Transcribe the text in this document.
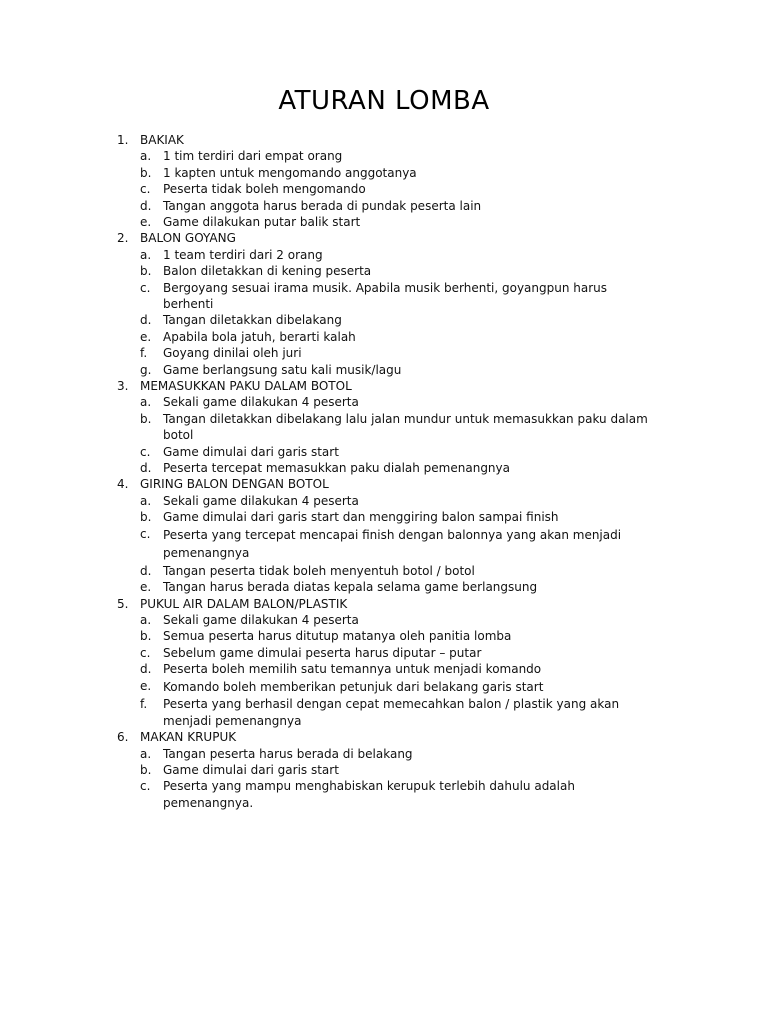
ATURAN LOMBA
1. BAKIAK
a. 1 tim terdiri dari empat orang
b. 1 kapten untuk mengomando anggotanya
c. Peserta tidak boleh mengomando
d. Tangan anggota harus berada di pundak peserta lain
e. Game dilakukan putar balik start
2. BALON GOYANG
a. 1 team terdiri dari 2 orang
b. Balon diletakkan di kening peserta
c. Bergoyang sesuai irama musik. Apabila musik berhenti, goyangpun harus berhenti
d. Tangan diletakkan dibelakang
e. Apabila bola jatuh, berarti kalah
f. Goyang dinilai oleh juri
g. Game berlangsung satu kali musik/lagu
3. MEMASUKKAN PAKU DALAM BOTOL
a. Sekali game dilakukan 4 peserta
b. Tangan diletakkan dibelakang lalu jalan mundur untuk memasukkan paku dalam botol
c. Game dimulai dari garis start
d. Peserta tercepat memasukkan paku dialah pemenangnya
4. GIRING BALON DENGAN BOTOL
a. Sekali game dilakukan 4 peserta
b. Game dimulai dari garis start dan menggiring balon sampai finish
c. Peserta yang tercepat mencapai finish dengan balonnya yang akan menjadi pemenangnya
d. Tangan peserta tidak boleh menyentuh botol / botol
e. Tangan harus berada diatas kepala selama game berlangsung
5. PUKUL AIR DALAM BALON/PLASTIK
a. Sekali game dilakukan 4 peserta
b. Semua peserta harus ditutup matanya oleh panitia lomba
c. Sebelum game dimulai peserta harus diputar – putar
d. Peserta boleh memilih satu temannya untuk menjadi komando
e. Komando boleh memberikan petunjuk dari belakang garis start
f. Peserta yang berhasil dengan cepat memecahkan balon / plastik yang akan menjadi pemenangnya
6. MAKAN KRUPUK
a. Tangan peserta harus berada di belakang
b. Game dimulai dari garis start
c. Peserta yang mampu menghabiskan kerupuk terlebih dahulu adalah pemenangnya.
